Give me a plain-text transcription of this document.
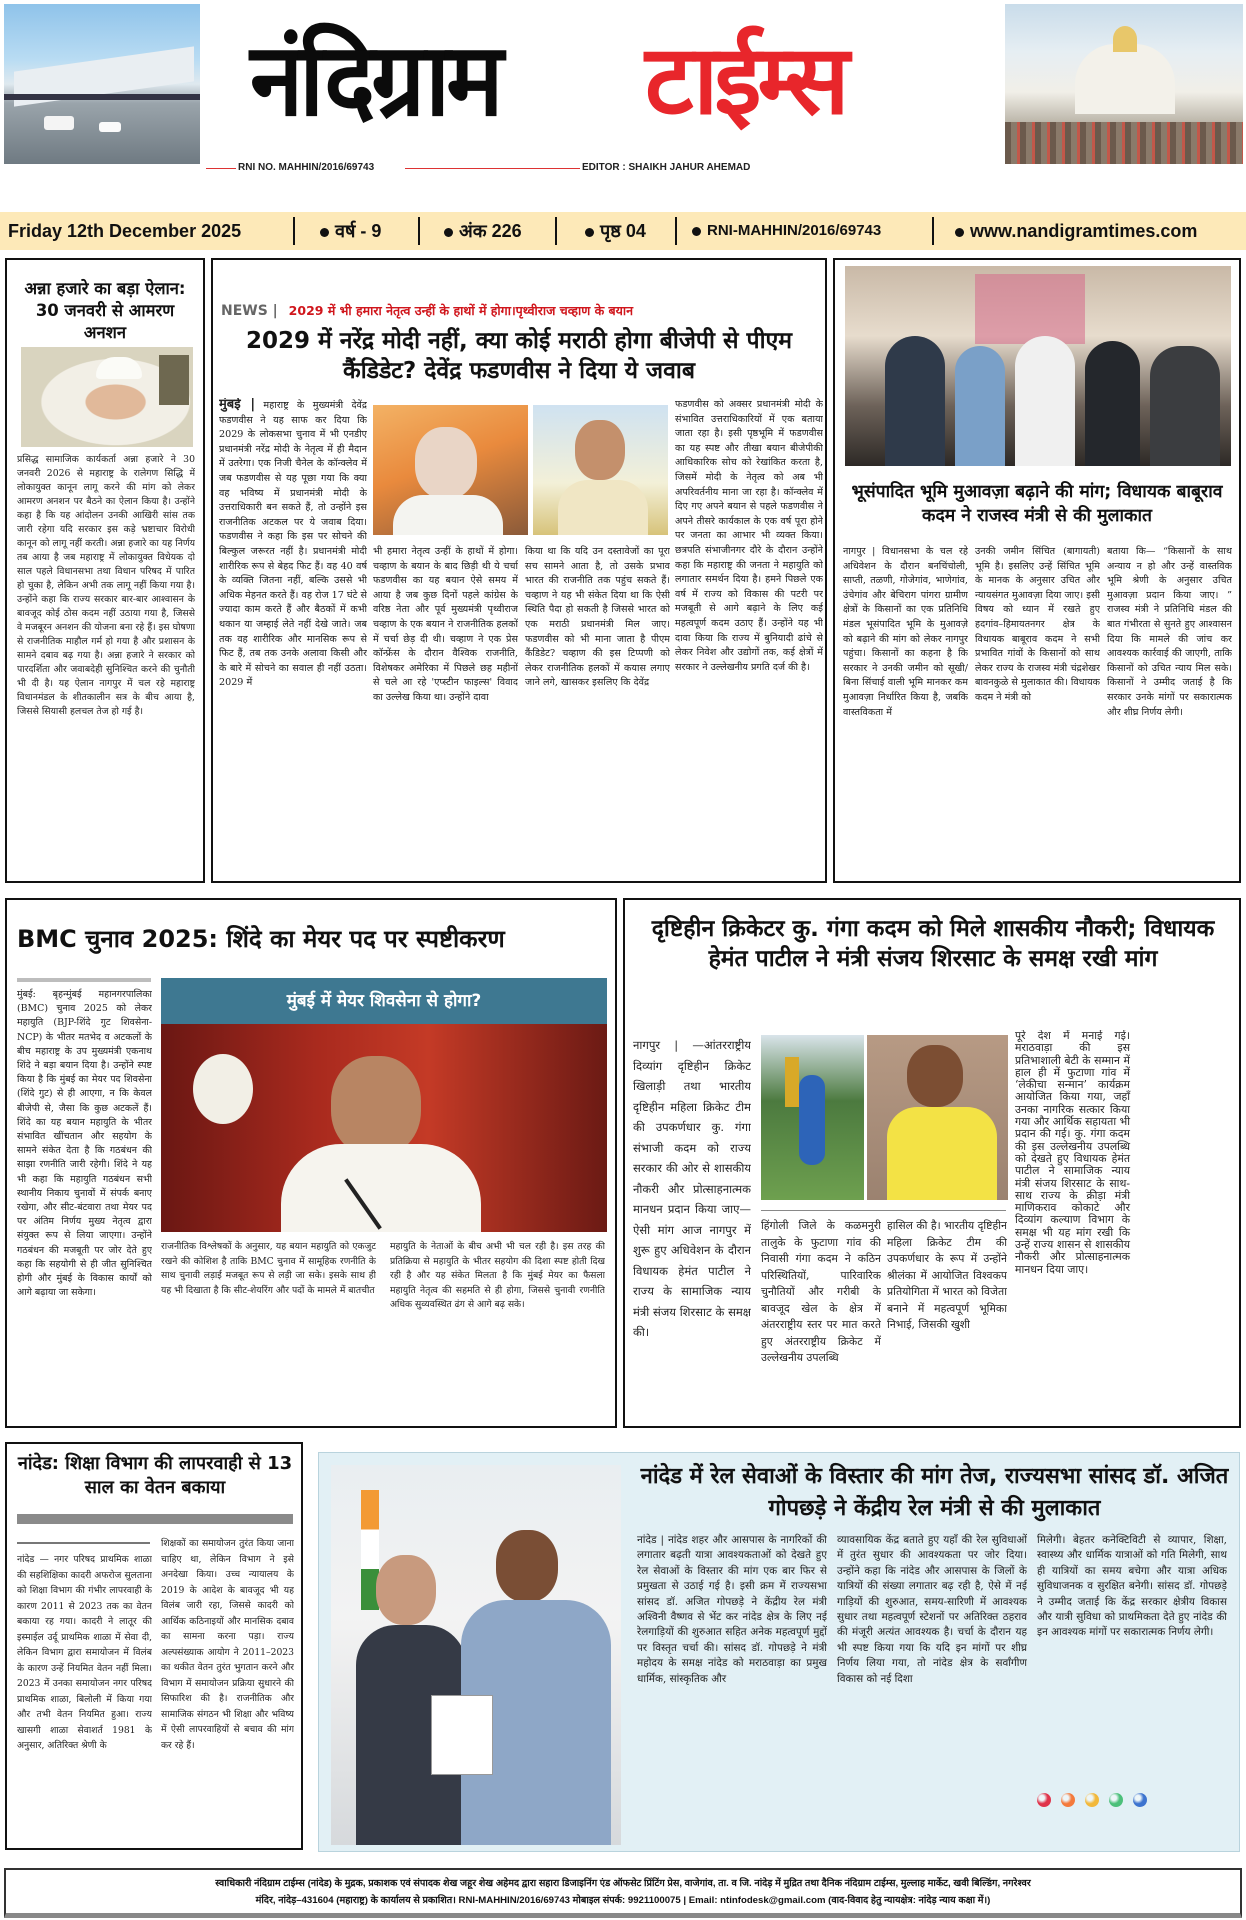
नंदिग्राम टाईम्स
RNI NO. MAHHIN/2016/69743	EDITOR : SHAIKH JAHUR AHEMAD
Friday 12th December 2025	वर्ष - 9	अंक 226	पृष्ठ 04	RNI-MAHHIN/2016/69743	www.nandigramtimes.com
अन्ना हजारे का बड़ा ऐलान: 30 जनवरी से आमरण अनशन
प्रसिद्ध सामाजिक कार्यकर्ता अन्ना हजारे ने 30 जनवरी 2026 से महाराष्ट्र के रालेगण सिद्धि में लोकायुक्त कानून लागू करने की मांग को लेकर आमरण अनशन पर बैठने का ऐलान किया है। उन्होंने कहा है कि यह आंदोलन उनकी आखिरी सांस तक जारी रहेगा यदि सरकार इस कड़े भ्रष्टाचार विरोधी कानून को लागू नहीं करती। अन्ना हजारे का यह निर्णय तब आया है जब महाराष्ट्र में लोकायुक्त विधेयक दो साल पहले विधानसभा तथा विधान परिषद में पारित हो चुका है, लेकिन अभी तक लागू नहीं किया गया है। उन्होंने कहा कि राज्य सरकार बार-बार आश्वासन के बावजूद कोई ठोस कदम नहीं उठाया गया है, जिससे वे मजबूरन अनशन की योजना बना रहे हैं। इस घोषणा से राजनीतिक माहौल गर्म हो गया है और प्रशासन के सामने दबाव बढ़ गया है। अन्ना हजारे ने सरकार को पारदर्शिता और जवाबदेही सुनिश्चित करने की चुनौती भी दी है। यह ऐलान नागपुर में चल रहे महाराष्ट्र विधानमंडल के शीतकालीन सत्र के बीच आया है, जिससे सियासी हलचल तेज हो गई है।
NEWS | 2029 में भी हमारा नेतृत्व उन्हीं के हाथों में होगा।पृथ्वीराज चव्हाण के बयान
2029 में नरेंद्र मोदी नहीं, क्या कोई मराठी होगा बीजेपी से पीएम कैंडिडेट? देवेंद्र फडणवीस ने दिया ये जवाब
मुंबई | महाराष्ट्र के मुख्यमंत्री देवेंद्र फडणवीस ने यह साफ कर दिया कि 2029 के लोकसभा चुनाव में भी एनडीए प्रधानमंत्री नरेंद्र मोदी के नेतृत्व में ही मैदान में उतरेगा। एक निजी चैनेल के कॉन्क्लेव में जब फडणवीस से यह पूछा गया कि क्या वह भविष्य में प्रधानमंत्री मोदी के उत्तराधिकारी बन सकते हैं, तो उन्होंने इस राजनीतिक अटकल पर ये जवाब दिया। फडणवीस ने कहा कि इस पर सोचने की बिल्कुल जरूरत नहीं है। प्रधानमंत्री मोदी शारीरिक रूप से बेहद फिट हैं। वह 40 वर्ष के व्यक्ति जितना नहीं, बल्कि उससे भी अधिक मेहनत करते हैं। वह रोज 17 घंटे से ज्यादा काम करते हैं और बैठकों में कभी थकान या जम्हाई लेते नहीं देखे जाते। जब तक वह शारीरिक और मानसिक रूप से फिट हैं, तब तक उनके अलावा किसी और के बारे में सोचने का सवाल ही नहीं उठता। 2029 में
भी हमारा नेतृत्व उन्हीं के हाथों में होगा। चव्हाण के बयान के बाद छिड़ी थी ये चर्चा फडणवीस का यह बयान ऐसे समय में आया है जब कुछ दिनों पहले कांग्रेस के वरिष्ठ नेता और पूर्व मुख्यमंत्री पृथ्वीराज चव्हाण के एक बयान ने राजनीतिक हलकों में चर्चा छेड़ दी थी। चव्हाण ने एक प्रेस कॉन्फ्रेंस के दौरान वैश्विक राजनीति, विशेषकर अमेरिका में पिछले छह महीनों से चले आ रहे 'एप्स्टीन फाइल्स' विवाद का उल्लेख किया था। उन्होंने दावा
किया था कि यदि उन दस्तावेजों का पूरा सच सामने आता है, तो उसके प्रभाव भारत की राजनीति तक पहुंच सकते हैं। चव्हाण ने यह भी संकेत दिया था कि ऐसी स्थिति पैदा हो सकती है जिससे भारत को एक मराठी प्रधानमंत्री मिल जाए। फडणवीस को भी माना जाता है पीएम कैंडिडेट? चव्हाण की इस टिप्पणी को लेकर राजनीतिक हलकों में कयास लगाए जाने लगे, खासकर इसलिए कि देवेंद्र
फडणवीस को अक्सर प्रधानमंत्री मोदी के संभावित उत्तराधिकारियों में एक बताया जाता रहा है। इसी पृष्ठभूमि में फडणवीस का यह स्पष्ट और तीखा बयान बीजेपीकी आधिकारिक सोच को रेखांकित करता है, जिसमें मोदी के नेतृत्व को अब भी अपरिवर्तनीय माना जा रहा है। कॉन्क्लेव में दिए गए अपने बयान से पहले फडणवीस ने अपने तीसरे कार्यकाल के एक वर्ष पूरा होने पर जनता का आभार भी व्यक्त किया। छत्रपति संभाजीनगर दौरे के दौरान उन्होंने कहा कि महाराष्ट्र की जनता ने महायुति को लगातार समर्थन दिया है। हमने पिछले एक वर्ष में राज्य को विकास की पटरी पर मजबूती से आगे बढ़ाने के लिए कई महत्वपूर्ण कदम उठाए हैं। उन्होंने यह भी दावा किया कि राज्य में बुनियादी ढांचे से लेकर निवेश और उद्योगों तक, कई क्षेत्रों में सरकार ने उल्लेखनीय प्रगति दर्ज की है।
भूसंपादित भूमि मुआवज़ा बढ़ाने की मांग; विधायक बाबूराव कदम ने राजस्व मंत्री से की मुलाकात
नागपुर | विधानसभा के चल रहे अधिवेशन के दौरान बनचिंचोली, साप्ती, तळणी, गोजेगांव, भाणेगांव, उंचेगांव और बेचिराग पांगरा ग्रामीण क्षेत्रों के किसानों का एक प्रतिनिधि मंडल भूसंपादित भूमि के मुआवज़े को बढ़ाने की मांग को लेकर नागपुर पहुंचा। किसानों का कहना है कि सरकार ने उनकी जमीन को सूखी/बिना सिंचाई वाली भूमि मानकर कम मुआवज़ा निर्धारित किया है, जबकि वास्तविकता में
उनकी जमीन सिंचित (बागायती) भूमि है। इसलिए उन्हें सिंचित भूमि के मानक के अनुसार उचित और न्यायसंगत मुआवज़ा दिया जाए। इसी विषय को ध्यान में रखते हुए हदगांव–हिमायतनगर क्षेत्र के विधायक बाबूराव कदम ने सभी प्रभावित गांवों के किसानों को साथ लेकर राज्य के राजस्व मंत्री चंद्रशेखर बावनकुळे से मुलाकात की। विधायक कदम ने मंत्री को
बताया कि— “किसानों के साथ अन्याय न हो और उन्हें वास्तविक भूमि श्रेणी के अनुसार उचित मुआवज़ा प्रदान किया जाए। ” राजस्व मंत्री ने प्रतिनिधि मंडल की बात गंभीरता से सुनते हुए आश्वासन दिया कि मामले की जांच कर आवश्यक कार्रवाई की जाएगी, ताकि किसानों को उचित न्याय मिल सके। किसानों ने उम्मीद जताई है कि सरकार उनके मांगों पर सकारात्मक और शीघ्र निर्णय लेगी।
BMC चुनाव 2025: शिंदे का मेयर पद पर स्पष्टीकरण
मुंबई: बृहन्मुंबई महानगरपालिका (BMC) चुनाव 2025 को लेकर महायुति (BJP-शिंदे गुट शिवसेना-NCP) के भीतर मतभेद व अटकलों के बीच महाराष्ट्र के उप मुख्यमंत्री एकनाथ शिंदे ने बड़ा बयान दिया है। उन्होंने स्पष्ट किया है कि मुंबई का मेयर पद शिवसेना (शिंदे गुट) से ही आएगा, न कि केवल बीजेपी से, जैसा कि कुछ अटकलें हैं। शिंदे का यह बयान महायुति के भीतर संभावित खींचतान और सहयोग के सामने संकेत देता है कि गठबंधन की साझा रणनीति जारी रहेगी। शिंदे ने यह भी कहा कि महायुति गठबंधन सभी स्थानीय निकाय चुनावों में संपर्क बनाए रखेगा, और सीट-बंटवारा तथा मेयर पद पर अंतिम निर्णय मुख्य नेतृत्व द्वारा संयुक्त रूप से लिया जाएगा। उन्होंने गठबंधन की मजबूती पर जोर देते हुए कहा कि सहयोगी से ही जीत सुनिश्चित होगी और मुंबई के विकास कार्यों को आगे बढ़ाया जा सकेगा।
मुंबई में मेयर शिवसेना से होगा?
राजनीतिक विश्लेषकों के अनुसार, यह बयान महायुति को एकजुट रखने की कोशिश है ताकि BMC चुनाव में सामूहिक रणनीति के साथ चुनावी लड़ाई मजबूत रूप से लड़ी जा सके। इसके साथ ही यह भी दिखाता है कि सीट-शेयरिंग और पदों के मामले में बातचीत
महायुति के नेताओं के बीच अभी भी चल रही है। इस तरह की प्रतिक्रिया से महायुति के भीतर सहयोग की दिशा स्पष्ट होती दिख रही है और यह संकेत मिलता है कि मुंबई मेयर का फैसला महायुति नेतृत्व की सहमति से ही होगा, जिससे चुनावी रणनीति अधिक सुव्यवस्थित ढंग से आगे बढ़ सके।
दृष्टिहीन क्रिकेटर कु. गंगा कदम को मिले शासकीय नौकरी; विधायक हेमंत पाटील ने मंत्री संजय शिरसाट के समक्ष रखी मांग
नागपुर | —आंतरराष्ट्रीय दिव्यांग दृष्टिहीन क्रिकेट खिलाड़ी तथा भारतीय दृष्टिहीन महिला क्रिकेट टीम की उपकर्णधार कु. गंगा संभाजी कदम को राज्य सरकार की ओर से शासकीय नौकरी और प्रोत्साहनात्मक मानधन प्रदान किया जाए—ऐसी मांग आज नागपुर में शुरू हुए अधिवेशन के दौरान विधायक हेमंत पाटील ने राज्य के सामाजिक न्याय मंत्री संजय शिरसाट के समक्ष की।
हिंगोली जिले के कळमनुरी तालुके के फुटाणा गांव की निवासी गंगा कदम ने कठिन परिस्थितियों, पारिवारिक चुनौतियों और गरीबी के बावजूद खेल के क्षेत्र में अंतरराष्ट्रीय स्तर पर मात करते हुए अंतरराष्ट्रीय क्रिकेट में उल्लेखनीय उपलब्धि
हासिल की है। भारतीय दृष्टिहीन महिला क्रिकेट टीम की उपकर्णधार के रूप में उन्होंने श्रीलंका में आयोजित विश्वकप प्रतियोगिता में भारत को विजेता बनाने में महत्वपूर्ण भूमिका निभाई, जिसकी खुशी
पूरे देश में मनाई गई। मराठवाड़ा की इस प्रतिभाशाली बेटी के सम्मान में हाल ही में फुटाणा गांव में ‘लेकीचा सन्मान’ कार्यक्रम आयोजित किया गया, जहाँ उनका नागरिक सत्कार किया गया और आर्थिक सहायता भी प्रदान की गई। कु. गंगा कदम की इस उल्लेखनीय उपलब्धि को देखते हुए विधायक हेमंत पाटील ने सामाजिक न्याय मंत्री संजय शिरसाट के साथ-साथ राज्य के क्रीड़ा मंत्री माणिकराव कोकाटे और दिव्यांग कल्याण विभाग के समक्ष भी यह मांग रखी कि उन्हें राज्य शासन से शासकीय नौकरी और प्रोत्साहनात्मक मानधन दिया जाए।
नांदेड: शिक्षा विभाग की लापरवाही से 13 साल का वेतन बकाया
नांदेड — नगर परिषद प्राथमिक शाळा की सहशिक्षिका कादरी अफरोज सुलताना को शिक्षा विभाग की गंभीर लापरवाही के कारण 2011 से 2023 तक का वेतन बकाया रह गया। कादरी ने लातूर की इस्माईल उर्दू प्राथमिक शाळा में सेवा दी, लेकिन विभाग द्वारा समायोजन में विलंब के कारण उन्हें नियमित वेतन नहीं मिला। 2023 में उनका समायोजन नगर परिषद प्राथमिक शाळा, बिलोली में किया गया और तभी वेतन नियमित हुआ। राज्य खासगी शाळा सेवाशर्त 1981 के अनुसार, अतिरिक्त श्रेणी के
शिक्षकों का समायोजन तुरंत किया जाना चाहिए था, लेकिन विभाग ने इसे अनदेखा किया। उच्च न्यायालय के 2019 के आदेश के बावजूद भी यह विलंब जारी रहा, जिससे कादरी को आर्थिक कठिनाइयों और मानसिक दबाव का सामना करना पड़ा। राज्य अल्पसंख्याक आयोग ने 2011–2023 का थकीत वेतन तुरंत भुगतान करने और विभाग में समायोजन प्रक्रिया सुधारने की सिफारिश की है। राजनीतिक और सामाजिक संगठन भी शिक्षा और भविष्य में ऐसी लापरवाहियों से बचाव की मांग कर रहे हैं।
नांदेड में रेल सेवाओं के विस्तार की मांग तेज, राज्यसभा सांसद डॉ. अजित गोपछड़े ने केंद्रीय रेल मंत्री से की मुलाकात
नांदेड | नांदेड शहर और आसपास के नागरिकों की लगातार बढ़ती यात्रा आवश्यकताओं को देखते हुए रेल सेवाओं के विस्तार की मांग एक बार फिर से प्रमुखता से उठाई गई है। इसी क्रम में राज्यसभा सांसद डॉ. अजित गोपछड़े ने केंद्रीय रेल मंत्री अश्विनी वैष्णव से भेंट कर नांदेड क्षेत्र के लिए नई रेलगाड़ियों की शुरुआत सहित अनेक महत्वपूर्ण मुद्दों पर विस्तृत चर्चा की। सांसद डॉ. गोपछड़े ने मंत्री महोदय के समक्ष नांदेड को मराठवाड़ा का प्रमुख धार्मिक, सांस्कृतिक और
व्यावसायिक केंद्र बताते हुए यहाँ की रेल सुविधाओं में तुरंत सुधार की आवश्यकता पर जोर दिया। उन्होंने कहा कि नांदेड और आसपास के जिलों के यात्रियों की संख्या लगातार बढ़ रही है, ऐसे में नई गाड़ियों की शुरुआत, समय-सारिणी में आवश्यक सुधार तथा महत्वपूर्ण स्टेशनों पर अतिरिक्त ठहराव की मंजूरी अत्यंत आवश्यक है। चर्चा के दौरान यह भी स्पष्ट किया गया कि यदि इन मांगों पर शीघ्र निर्णय लिया गया, तो नांदेड क्षेत्र के सर्वांगीण विकास को नई दिशा
मिलेगी। बेहतर कनेक्टिविटी से व्यापार, शिक्षा, स्वास्थ्य और धार्मिक यात्राओं को गति मिलेगी, साथ ही यात्रियों का समय बचेगा और यात्रा अधिक सुविधाजनक व सुरक्षित बनेगी। सांसद डॉ. गोपछड़े ने उम्मीद जताई कि केंद्र सरकार क्षेत्रीय विकास और यात्री सुविधा को प्राथमिकता देते हुए नांदेड की इन आवश्यक मांगों पर सकारात्मक निर्णय लेगी।
स्वाधिकारी नंदिग्राम टाईम्स (नांदेड) के मुद्रक, प्रकाशक एवं संपादक शेख जहूर शेख अहेमद द्वारा सहारा डिजाइनिंग एंड ऑफसेट प्रिंटिंग प्रेस, वाजेगांव, ता. व जि. नांदेड़ में मुद्रित तथा दैनिक नंदिग्राम टाईम्स, मुल्लाह मार्केट, खवी बिल्डिंग, नगरेश्वर
मंदिर, नांदेड़–431604 (महाराष्ट्र) के कार्यालय से प्रकाशित। RNI-MAHHIN/2016/69743 मोबाइल संपर्क: 9921100075 | Email: ntinfodesk@gmail.com (वाद-विवाद हेतु न्यायक्षेत्र: नांदेड़ न्याय कक्षा में।)
